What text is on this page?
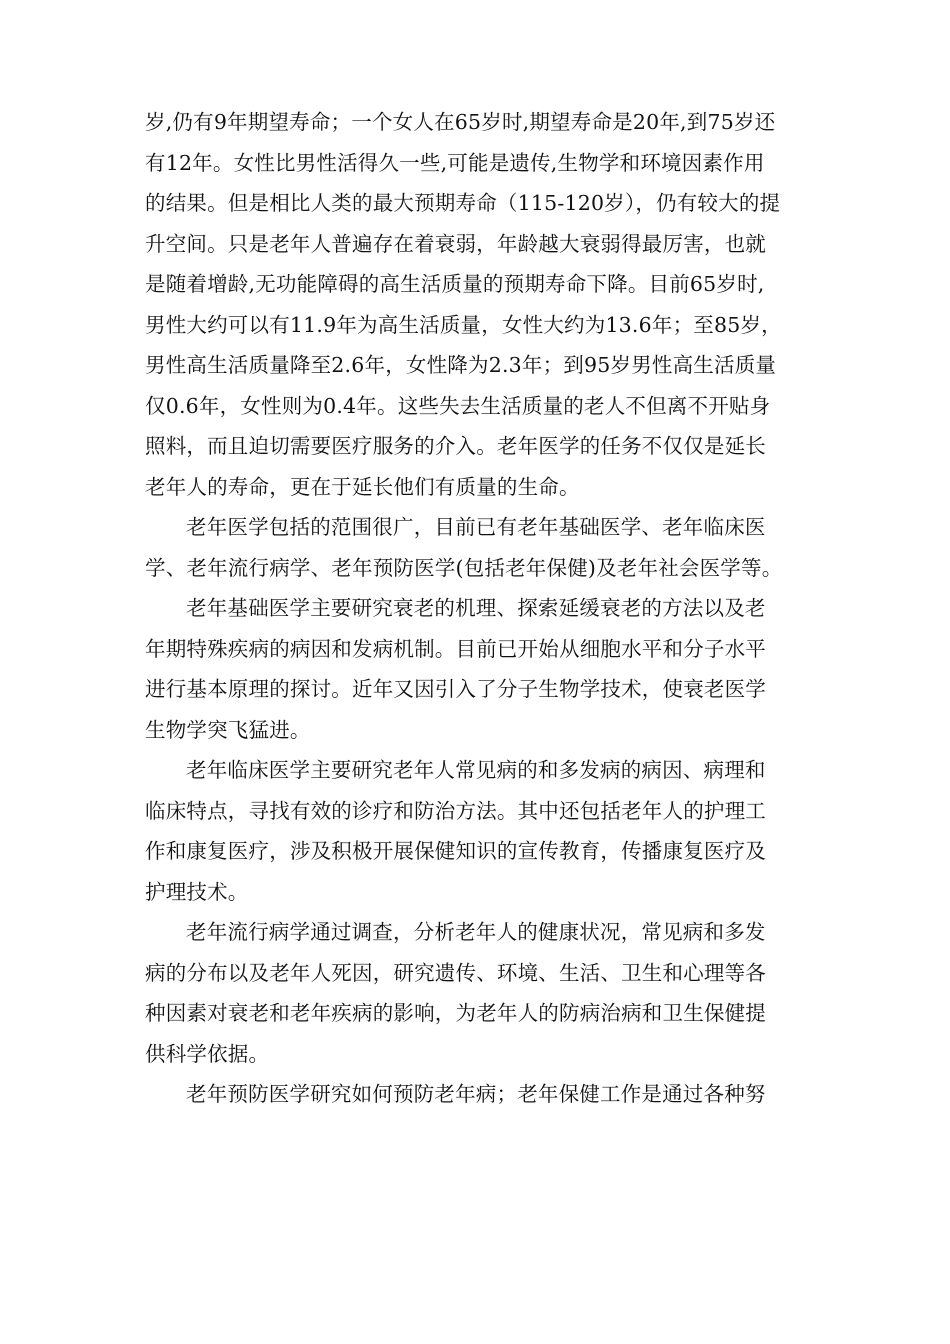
岁,仍有9年期望寿命；一个女人在65岁时,期望寿命是20年,到75岁还
有12年。女性比男性活得久一些,可能是遗传,生物学和环境因素作用
的结果。但是相比人类的最大预期寿命（115-120岁），仍有较大的提
升空间。只是老年人普遍存在着衰弱，年龄越大衰弱得最厉害，也就
是随着增龄,无功能障碍的高生活质量的预期寿命下降。目前65岁时,
男性大约可以有11.9年为高生活质量，女性大约为13.6年；至85岁，
男性高生活质量降至2.6年，女性降为2.3年；到95岁男性高生活质量
仅0.6年，女性则为0.4年。这些失去生活质量的老人不但离不开贴身
照料，而且迫切需要医疗服务的介入。老年医学的任务不仅仅是延长
老年人的寿命，更在于延长他们有质量的生命。
老年医学包括的范围很广，目前已有老年基础医学、老年临床医
学、老年流行病学、老年预防医学(包括老年保健)及老年社会医学等。
老年基础医学主要研究衰老的机理、探索延缓衰老的方法以及老
年期特殊疾病的病因和发病机制。目前已开始从细胞水平和分子水平
进行基本原理的探讨。近年又因引入了分子生物学技术，使衰老医学
生物学突飞猛进。
老年临床医学主要研究老年人常见病的和多发病的病因、病理和
临床特点，寻找有效的诊疗和防治方法。其中还包括老年人的护理工
作和康复医疗，涉及积极开展保健知识的宣传教育，传播康复医疗及
护理技术。
老年流行病学通过调查，分析老年人的健康状况，常见病和多发
病的分布以及老年人死因，研究遗传、环境、生活、卫生和心理等各
种因素对衰老和老年疾病的影响，为老年人的防病治病和卫生保健提
供科学依据。
老年预防医学研究如何预防老年病；老年保健工作是通过各种努
